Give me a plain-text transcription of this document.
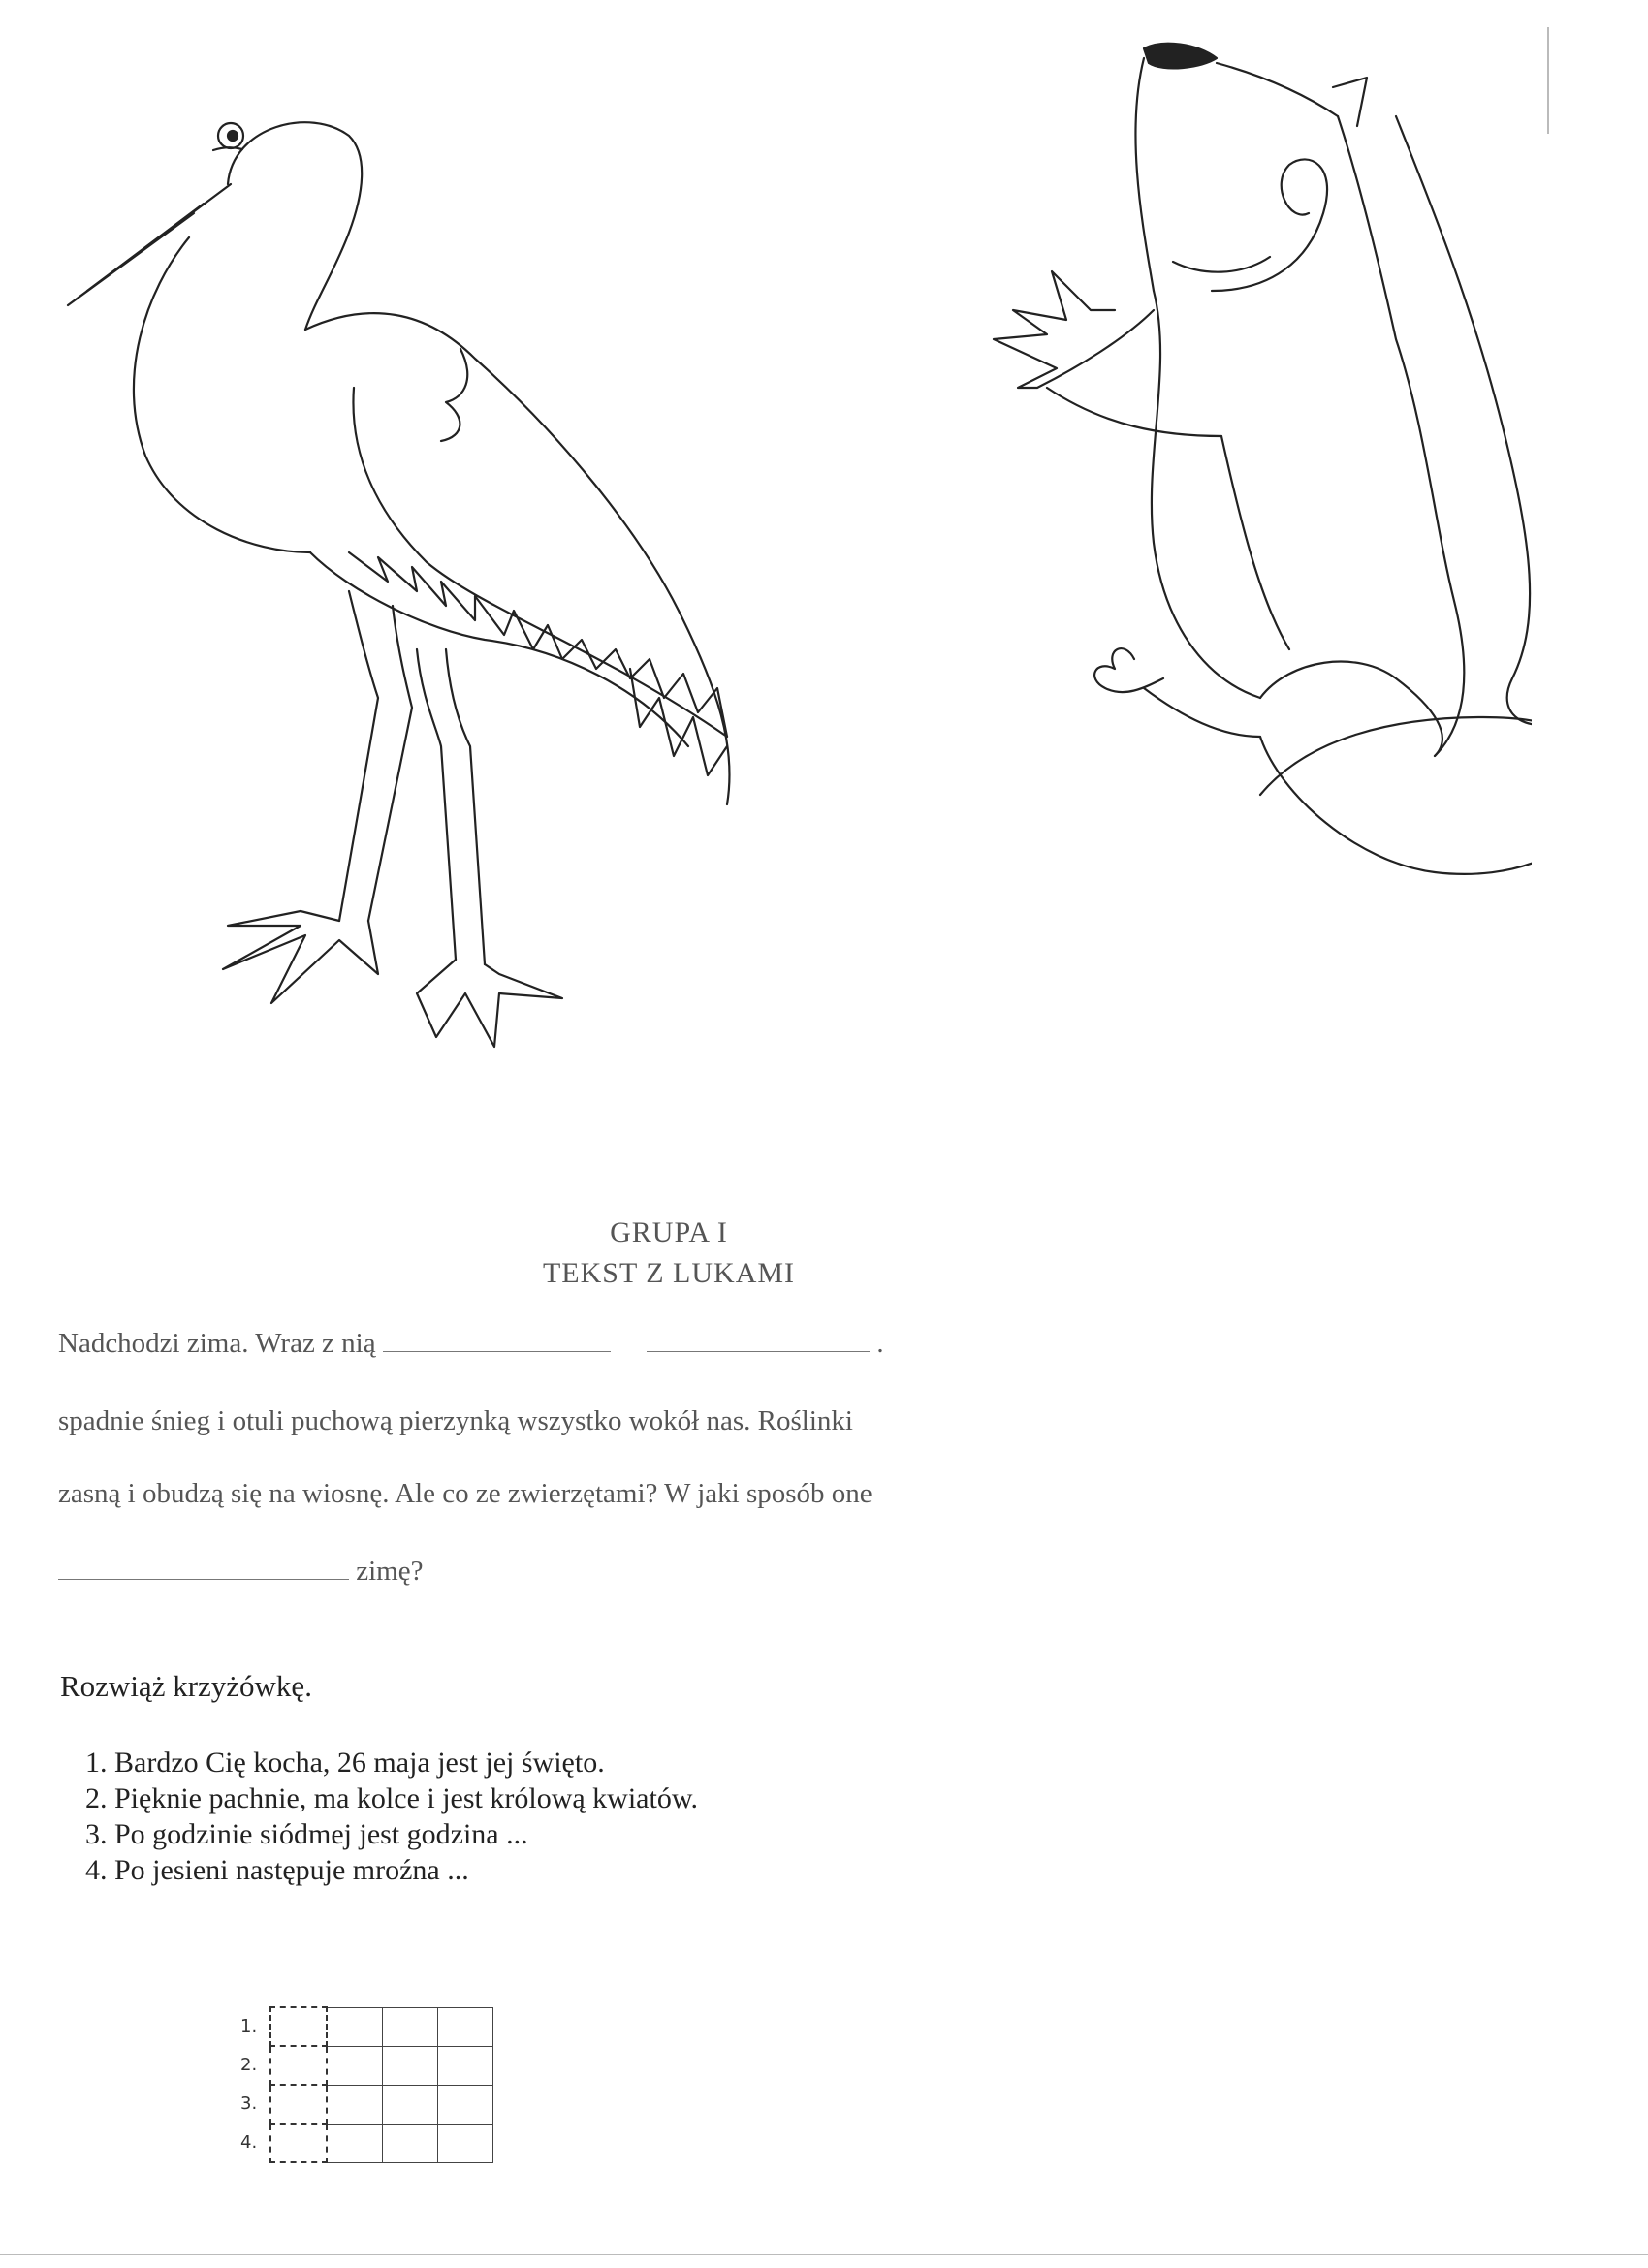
GRUPA I
TEKST Z LUKAMI
Nadchodzi zima. Wraz z nią	.
spadnie śnieg i otuli puchową pierzynką wszystko wokół nas. Roślinki
zasną i obudzą się na wiosnę. Ale co ze zwierzętami? W jaki sposób one
zimę?
Rozwiąż krzyżówkę.
1. Bardzo Cię kocha, 26 maja jest jej święto.
2. Pięknie pachnie, ma kolce i jest królową kwiatów.
3. Po godzinie siódmej jest godzina ...
4. Po jesieni następuje mroźna ...
1.
2.
3.
4.
